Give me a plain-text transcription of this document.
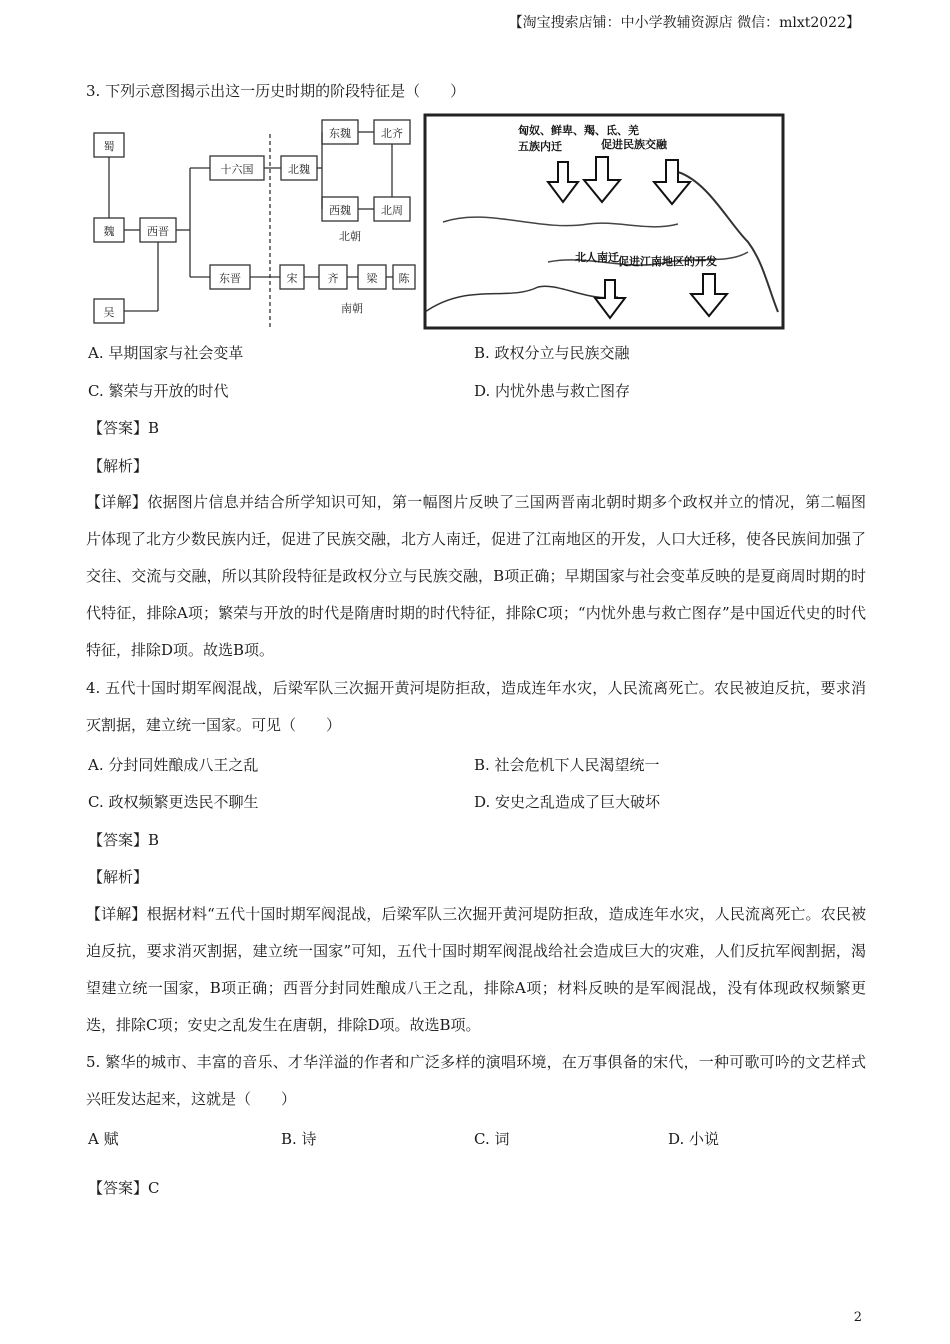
【淘宝搜索店铺：中小学教辅资源店 微信：mlxt2022】
3. 下列示意图揭示出这一历史时期的阶段特征是（　　）
蜀
魏
吴
西晋
十六国	北魏
东魏	北齐
西魏	北周
北朝
东晋	宋	齐	梁 陈
南朝
匈奴、鲜卑、羯、氐、羌
五族内迁	促进民族交融
北人南迁 促进江南地区的开发
A. 早期国家与社会变革	B. 政权分立与民族交融
C. 繁荣与开放的时代	D. 内忧外患与救亡图存
【答案】B
【解析】

【详解】依据图片信息并结合所学知识可知，第一幅图片反映了三国两晋南北朝时期多个政权并立的情况，第二幅图片体现了北方少数民族内迁，促进了民族交融，北方人南迁，促进了江南地区的开发，人口大迁移，使各民族间加强了交往、交流与交融，所以其阶段特征是政权分立与民族交融，B项正确；早期国家与社会变革反映的是夏商周时期的时代特征，排除A项；繁荣与开放的时代是隋唐时期的时代特征，排除C项；“内忧外患与救亡图存”是中国近代史的时代特征，排除D项。故选B项。

4. 五代十国时期军阀混战，后梁军队三次掘开黄河堤防拒敌，造成连年水灾，人民流离死亡。农民被迫反抗，要求消灭割据，建立统一国家。可见（　　）
A. 分封同姓酿成八王之乱	B. 社会危机下人民渴望统一
C. 政权频繁更迭民不聊生	D. 安史之乱造成了巨大破坏
【答案】B
【解析】

【详解】根据材料“五代十国时期军阀混战，后梁军队三次掘开黄河堤防拒敌，造成连年水灾，人民流离死亡。农民被迫反抗，要求消灭割据，建立统一国家”可知，五代十国时期军阀混战给社会造成巨大的灾难，人们反抗军阀割据，渴望建立统一国家，B项正确；西晋分封同姓酿成八王之乱，排除A项；材料反映的是军阀混战，没有体现政权频繁更迭，排除C项；安史之乱发生在唐朝，排除D项。故选B项。

5. 繁华的城市、丰富的音乐、才华洋溢的作者和广泛多样的演唱环境，在万事俱备的宋代，一种可歌可吟的文艺样式兴旺发达起来，这就是（　　）
A 赋	B. 诗	C. 词	D. 小说
【答案】C
2
